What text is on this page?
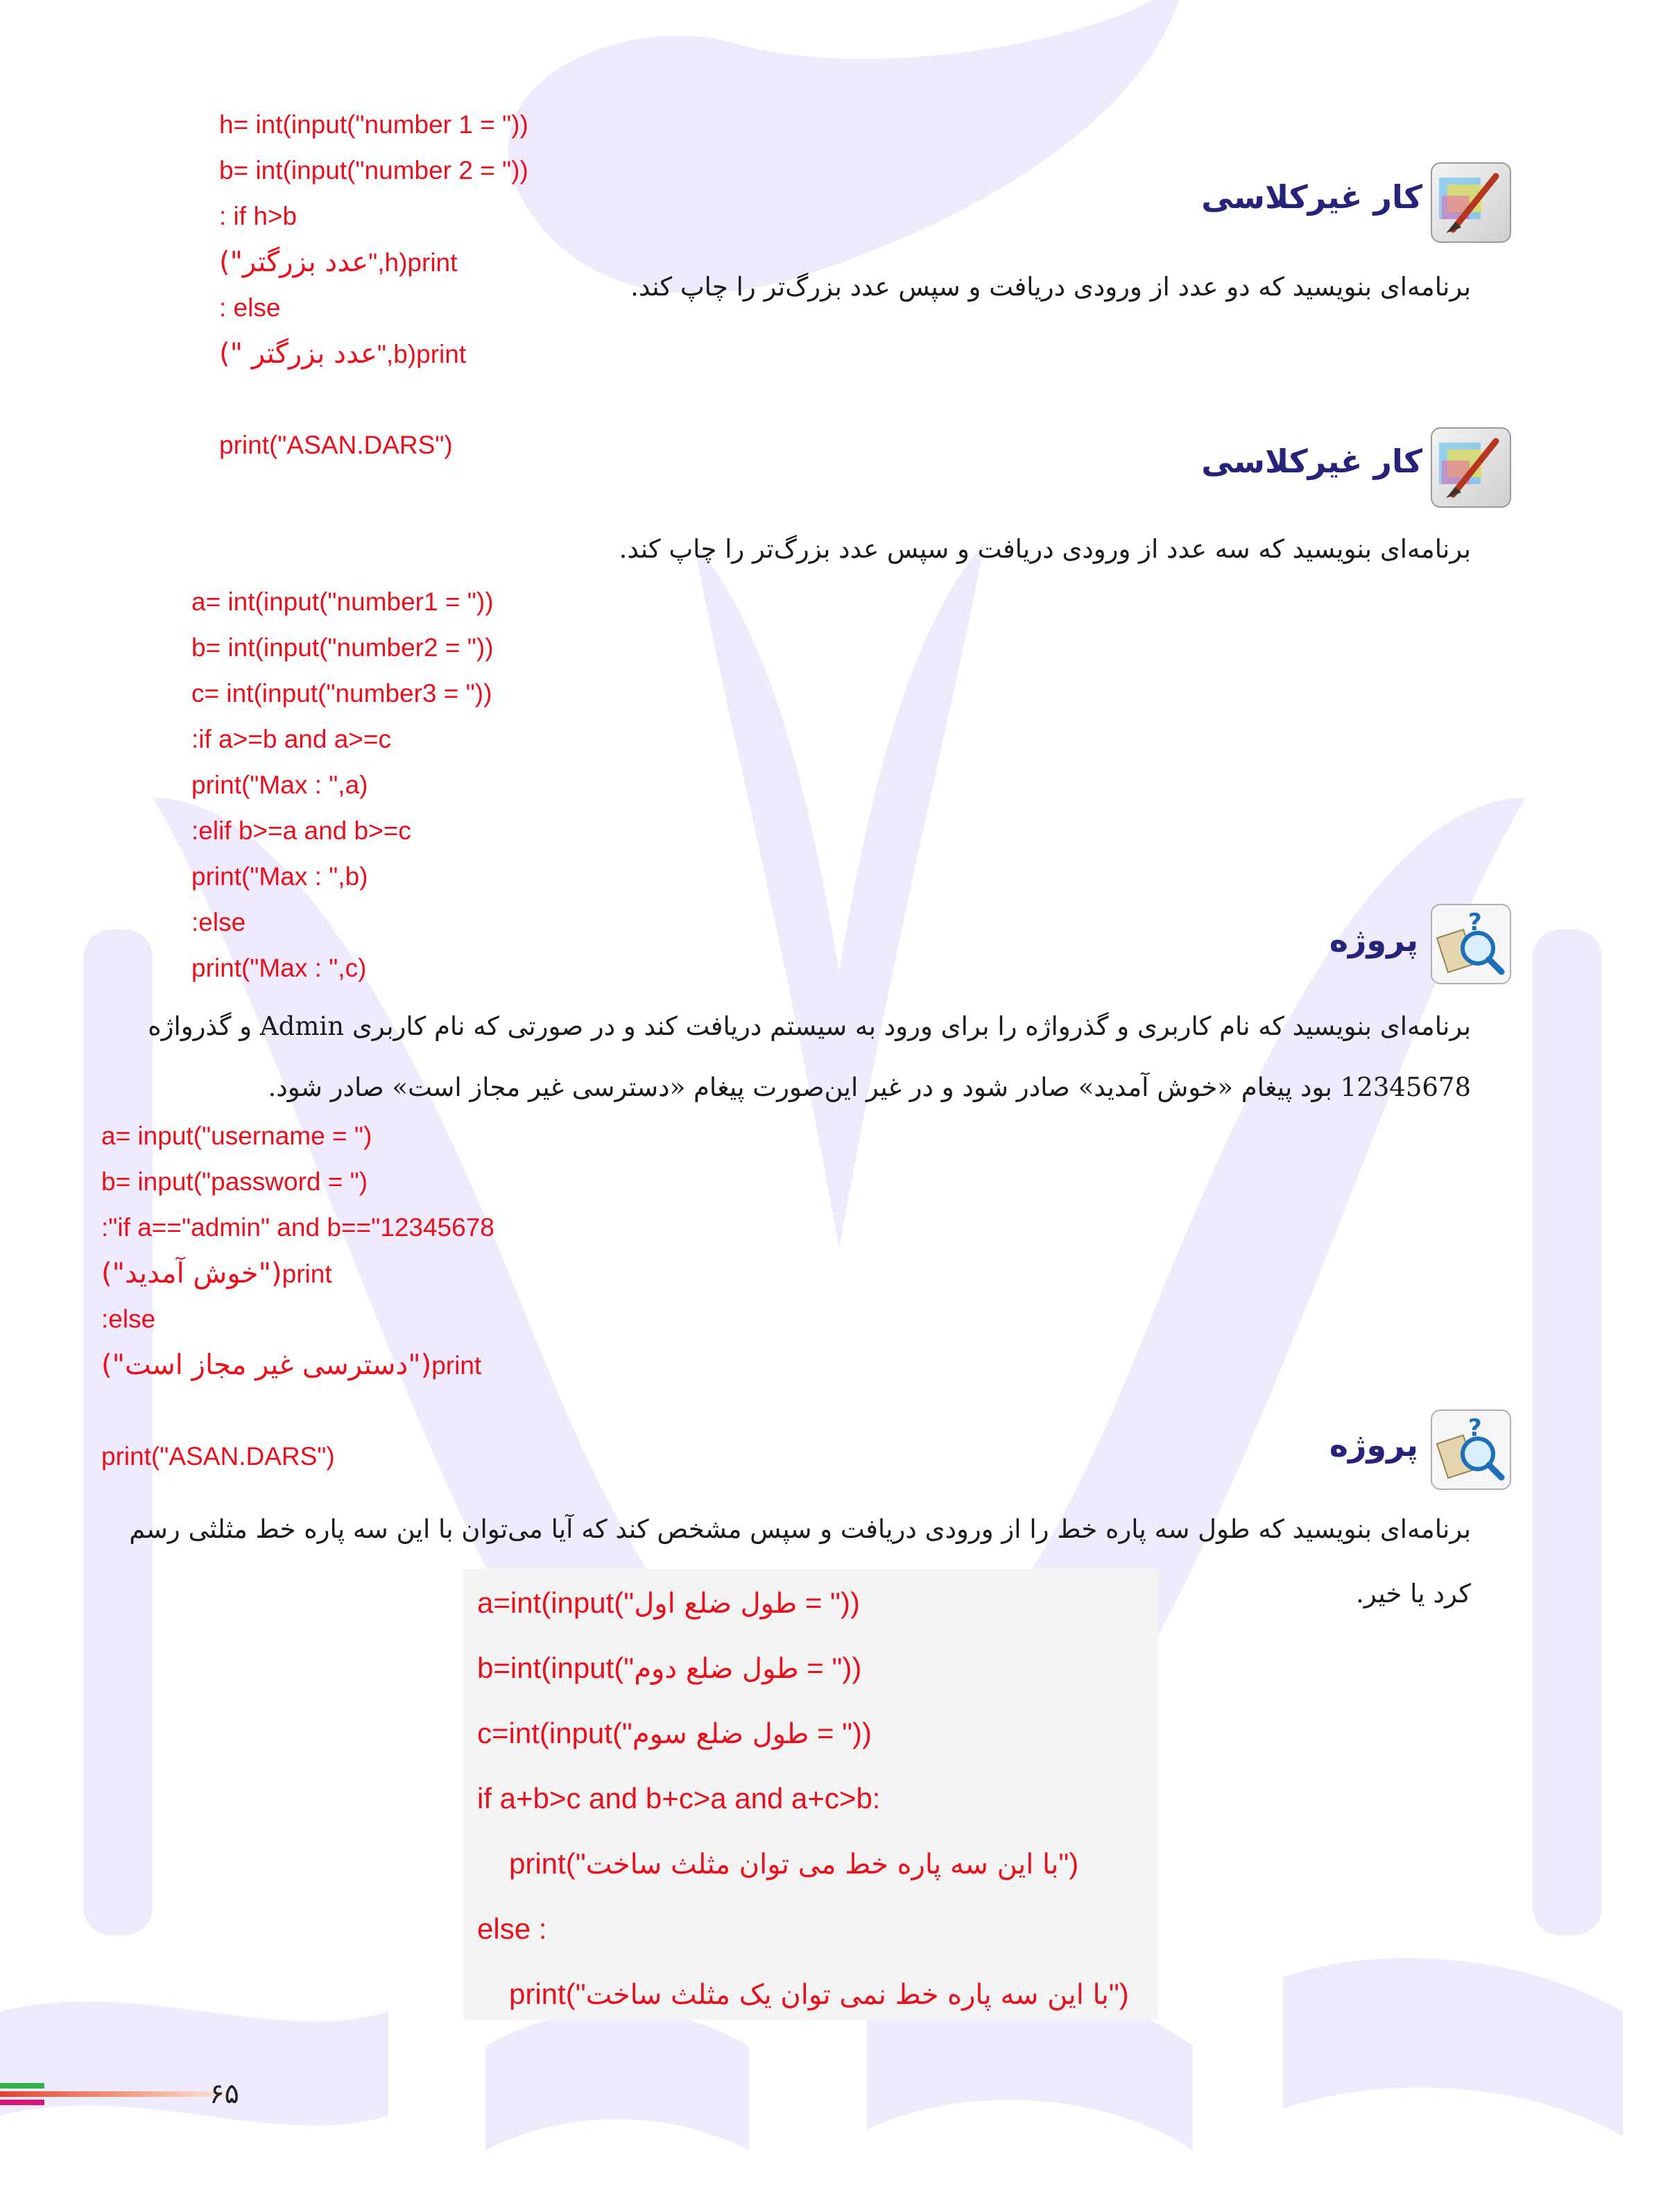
کار غیرکلاسی
برنامه‌ای بنویسید که دو عدد از ورودی دریافت و سپس عدد بزرگ‌تر را چاپ کند.
h= int(input("number 1 = "))
b= int(input("number 2 = "))
: if h>b
("عدد بزرگتر",h)print
: else
(" عدد بزرگتر",b)print
print("ASAN.DARS")	کار غیرکلاسی
برنامه‌ای بنویسید که سه عدد از ورودی دریافت و سپس عدد بزرگ‌تر را چاپ کند.
a= int(input("number1 = "))
b= int(input("number2 = "))
c= int(input("number3 = "))
:if a>=b and a>=c
print("Max : ",a)
:elif b>=a and b>=c
print("Max : ",b)
:else
print("Max : ",c)
?
پروژه
برنامه‌ای بنویسید که نام کاربری و گذرواژه را برای ورود به سیستم دریافت کند و در صورتی که نام کاربری Admin و گذرواژه
12345678 بود پیغام «خوش آمدید» صادر شود و در غیر این‌صورت پیغام «دسترسی غیر مجاز است» صادر شود.
a= input("username = ")
b= input("password = ")
:"if a=="admin" and b=="12345678
("خوش آمدید")print
:else
("دسترسی غیر مجاز است")print
print("ASAN.DARS")
?
پروژه
برنامه‌ای بنویسید که طول سه پاره خط را از ورودی دریافت و سپس مشخص کند که آیا می‌توان با این سه پاره خط مثلثی رسم
کرد یا خیر.
a=int(input("طول ضلع اول = "))
b=int(input("طول ضلع دوم = "))
c=int(input("طول ضلع سوم = "))
if a+b>c and b+c>a and a+c>b:
print("با این سه پاره خط می توان مثلث ساخت")
else :
print("با این سه پاره خط نمی توان یک مثلث ساخت")
۶۵
